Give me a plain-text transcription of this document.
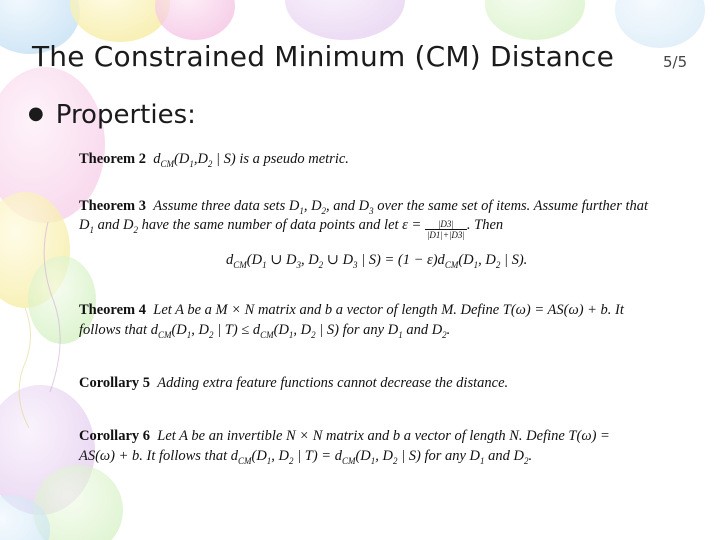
The Constrained Minimum (CM) Distance	5/5
● Properties:
Theorem 2 $d_{CM}(D_1,D_2$ | S) is a pseudo metric.
Theorem 3 Assume three data sets $D_1$, $D_2$, and $D_3$ over the same set of items. Assume further that
$D_1$ and $D_2$ have the same number of data points and let $\varepsilon = \frac{|D3|}{|D1|+|D3|}$ . Then
$d_{CM}(D_1$ ∪ $D_3$, $D_2$ ∪ $D_3$ | $S) = (1 - \varepsilon)d_{CM}(D_1$, $D_2$ | S).
Theorem 4 Let A be a M × N matrix and b a vector of length M. Define T(ω) = AS(ω) + b. It
follows that $d_{CM}(D_1$, $D_2$ | $T) \le d_{CM}(D_1$, $D_2$ | S) for any $D_1$ and $D_2$.
Corollary 5 Adding extra feature functions cannot decrease the distance.
Corollary 6 Let A be an invertible N × N matrix and b a vector of length N. Define T(ω) =
AS(ω) + b. It follows that $d_{CM}(D_1$, $D_2$ | $T) = d_{CM}(D_1$, $D_2$ | S) for any $D_1$ and $D_2$.
